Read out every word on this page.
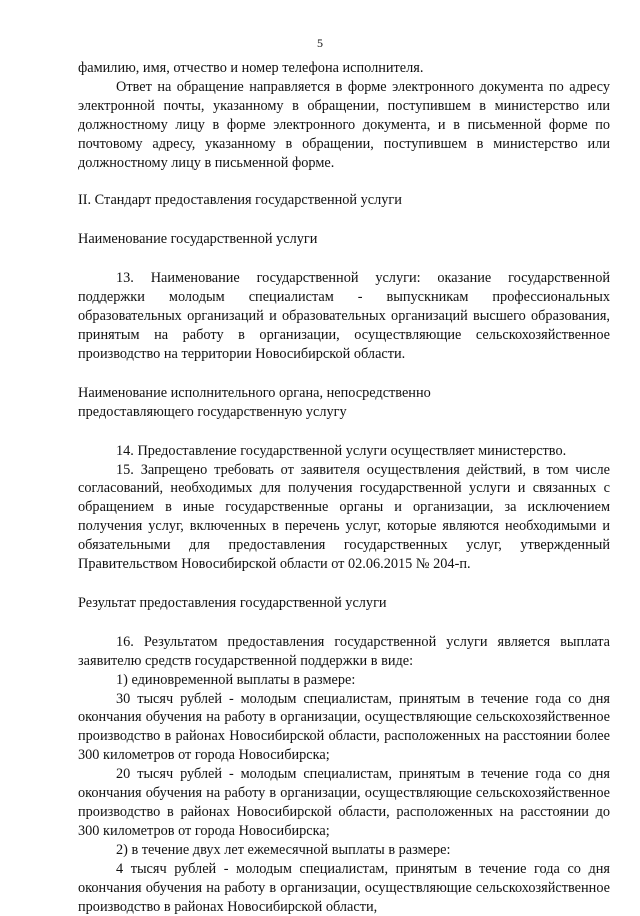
5

фамилию, имя, отчество и номер телефона исполнителя.

Ответ на обращение направляется в форме электронного документа по адресу электронной почты, указанному в обращении, поступившем в министерство или должностному лицу в форме электронного документа, и в письменной форме по почтовому адресу, указанному в обращении, поступившем в министерство или должностному лицу в письменной форме.

II. Стандарт предоставления государственной услуги

Наименование государственной услуги

13. Наименование государственной услуги: оказание государственной поддержки молодым специалистам - выпускникам профессиональных образовательных организаций и образовательных организаций высшего образования, принятым на работу в организации, осуществляющие сельскохозяйственное производство на территории Новосибирской области.

Наименование исполнительного органа, непосредственно

предоставляющего государственную услугу

14. Предоставление государственной услуги осуществляет министерство.

15. Запрещено требовать от заявителя осуществления действий, в том числе согласований, необходимых для получения государственной услуги и связанных с обращением в иные государственные органы и организации, за исключением получения услуг, включенных в перечень услуг, которые являются необходимыми и обязательными для предоставления государственных услуг, утвержденный Правительством Новосибирской области от 02.06.2015 № 204-п.

Результат предоставления государственной услуги

16. Результатом предоставления государственной услуги является выплата заявителю средств государственной поддержки в виде:

1) единовременной выплаты в размере:

30 тысяч рублей - молодым специалистам, принятым в течение года со дня окончания обучения на работу в организации, осуществляющие сельскохозяйственное производство в районах Новосибирской области, расположенных на расстоянии более 300 километров от города Новосибирска;

20 тысяч рублей - молодым специалистам, принятым в течение года со дня окончания обучения на работу в организации, осуществляющие сельскохозяйственное производство в районах Новосибирской области, расположенных на расстоянии до 300 километров от города Новосибирска;

2) в течение двух лет ежемесячной выплаты в размере:

4 тысяч рублей - молодым специалистам, принятым в течение года со дня окончания обучения на работу в организации, осуществляющие сельскохозяйственное производство в районах Новосибирской области,
